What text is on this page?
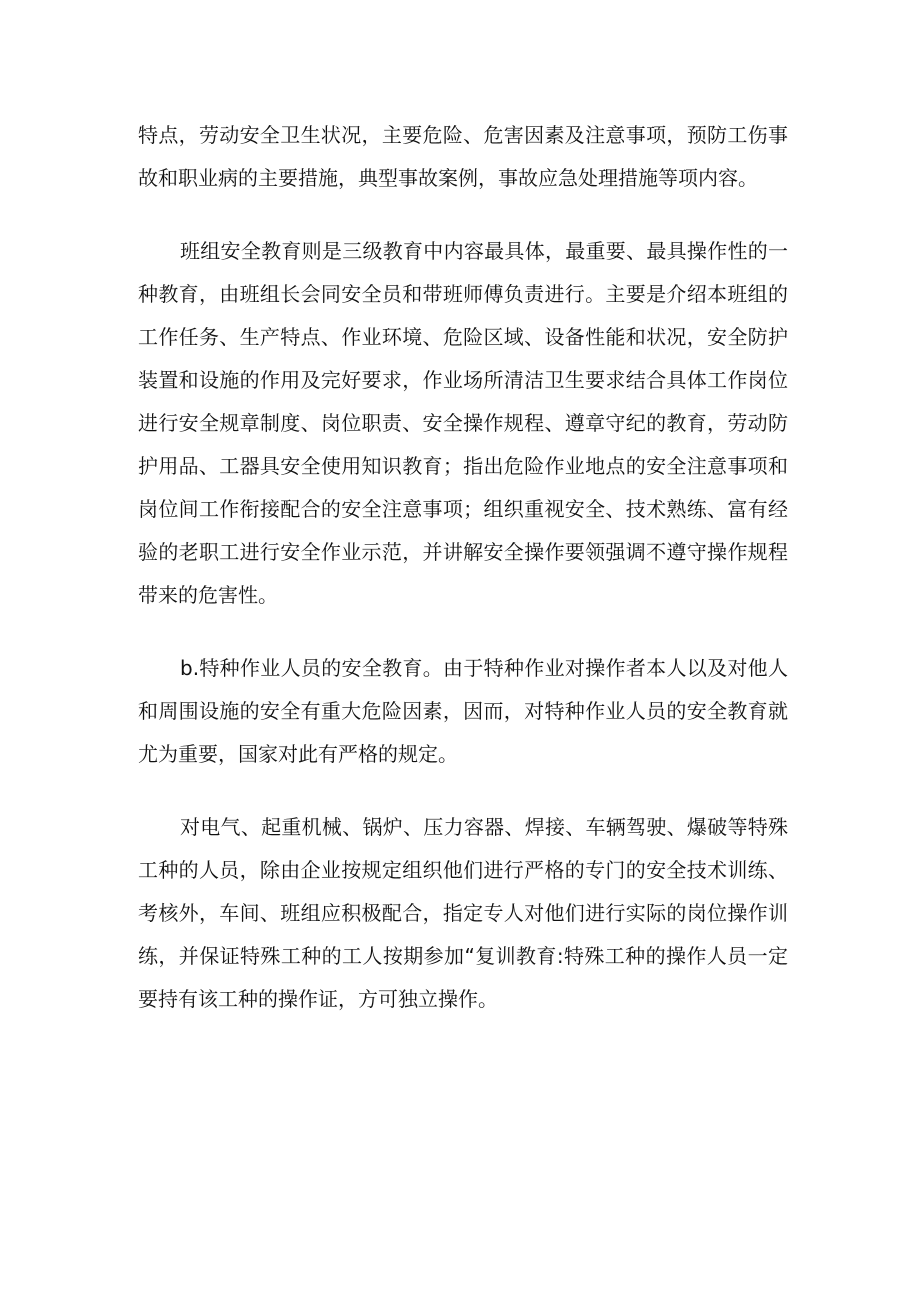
特点，劳动安全卫生状况，主要危险、危害因素及注意事项，预防工伤事
故和职业病的主要措施，典型事故案例，事故应急处理措施等项内容。
班组安全教育则是三级教育中内容最具体，最重要、最具操作性的一
种教育，由班组长会同安全员和带班师傅负责进行。主要是介绍本班组的
工作任务、生产特点、作业环境、危险区域、设备性能和状况，安全防护
装置和设施的作用及完好要求，作业场所清洁卫生要求结合具体工作岗位
进行安全规章制度、岗位职责、安全操作规程、遵章守纪的教育，劳动防
护用品、工器具安全使用知识教育；指出危险作业地点的安全注意事项和
岗位间工作衔接配合的安全注意事项；组织重视安全、技术熟练、富有经
验的老职工进行安全作业示范，并讲解安全操作要领强调不遵守操作规程
带来的危害性。
b.特种作业人员的安全教育。由于特种作业对操作者本人以及对他人
和周围设施的安全有重大危险因素，因而，对特种作业人员的安全教育就
尤为重要，国家对此有严格的规定。
对电气、起重机械、锅炉、压力容器、焊接、车辆驾驶、爆破等特殊
工种的人员，除由企业按规定组织他们进行严格的专门的安全技术训练、
考核外，车间、班组应积极配合，指定专人对他们进行实际的岗位操作训
练，并保证特殊工种的工人按期参加“复训教育:特殊工种的操作人员一定
要持有该工种的操作证，方可独立操作。
